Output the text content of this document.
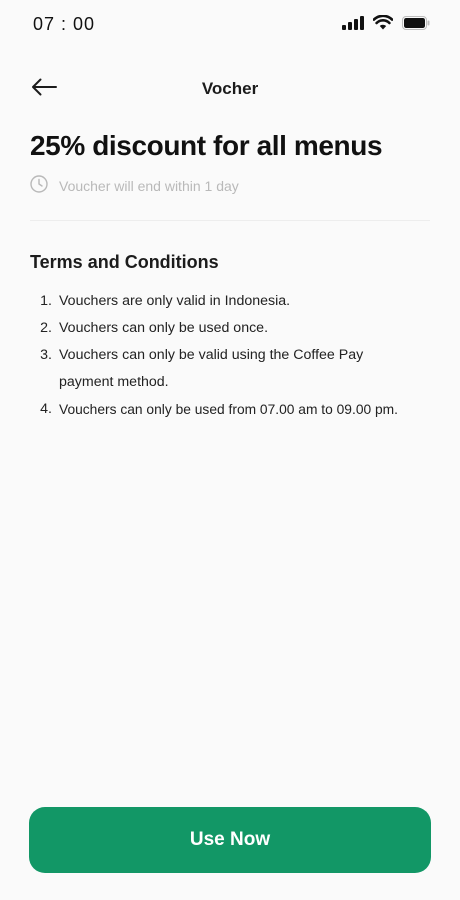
07 : 00
Vocher
25% discount for all menus
Voucher will end within 1 day
Terms and Conditions
1. Vouchers are only valid in Indonesia.
2. Vouchers can only be used once.
3. Vouchers can only be valid using the Coffee Pay payment method.
4. Vouchers can only be used from 07.00 am to 09.00 pm.
Use Now
